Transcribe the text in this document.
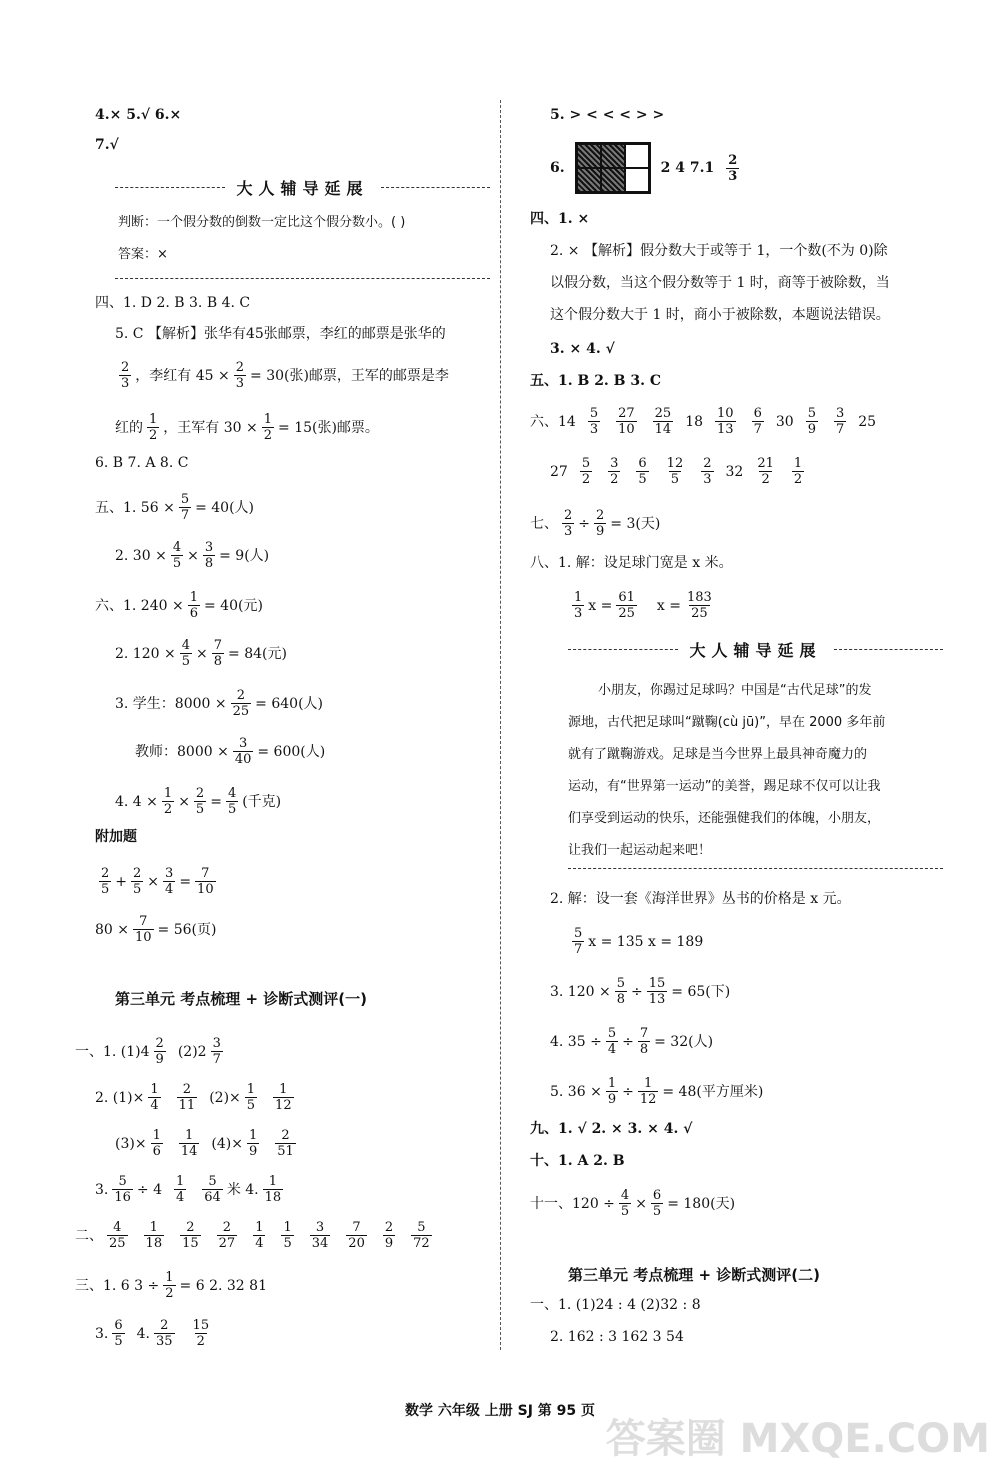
4.× 5.√ 6.×
7.√
大人辅导延展
判断：一个假分数的倒数一定比这个假分数小。( )
答案：×
四、1. D 2. B 3. B 4. C
5. C 【解析】张华有45张邮票，李红的邮票是张华的
$\frac{2}{3}$ ，李红有 $45 \times \frac{2}{3} = 30$(张)邮票，王军的邮票是李
红的 $\frac{1}{2}$ ，王军有 $30 \times \frac{1}{2} = 15$(张)邮票。
6. B 7. A 8. C
五、1. $56 \times \frac{5}{7} = 40$(人)
2. $30 \times \frac{4}{5} \times \frac{3}{8} = 9$(人)
六、1. $240 \times \frac{1}{6} = 40$(元)
2. $120 \times \frac{4}{5} \times \frac{7}{8} = 84$(元)
3. 学生：$8000 \times \frac{2}{25} = 640$(人)
教师：$8000 \times \frac{3}{40} = 600$(人)
4. $4 \times \frac{1}{2} \times \frac{2}{5} = \frac{4}{5}$ (千克)
附加题
$\frac{2}{5} + \frac{2}{5} \times \frac{3}{4} = \frac{7}{10}$
$80 \times \frac{7}{10} = 56$(页)
第三单元 考点梳理 + 诊断式测评(一)
一、1. $(1)4 \frac{2}{9} (2)2 \frac{3}{7}$
2. $(1)\times \frac{1}{4} \frac{2}{11} (2)\times \frac{1}{5} \frac{1}{12}$
$(3)\times \frac{1}{6} \frac{1}{14} (4)\times \frac{1}{9} \frac{2}{51}$
3. $\frac{5}{16} \div 4 \frac{1}{4} \frac{5}{64}$ 米 4. $\frac{1}{18}$
二、 $\frac{4}{25} \frac{1}{18} \frac{2}{15} \frac{2}{27} \frac{1}{4} \frac{1}{5} \frac{3}{34} \frac{7}{20} \frac{2}{9} \frac{5}{72}$
三、1. 6 $3 \div \frac{1}{2} = 6$ 2. 32 81
3. $\frac{6}{5} 4$. $\frac{2}{35} \frac{15}{2}$
5. > < < < > >
6.	2 4 $7.1 \frac{2}{3}$
四、1. ×
2. × 【解析】假分数大于或等于 1，一个数(不为 0)除
以假分数，当这个假分数等于 1 时，商等于被除数，当
这个假分数大于 1 时，商小于被除数，本题说法错误。
3. × 4. √
五、1. B 2. B 3. C
六、$14 \frac{5}{3} \frac{27}{10} \frac{25}{14} 18 \frac{10}{13} \frac{6}{7} 30 \frac{5}{9} \frac{3}{7} 25$
$27 \frac{5}{2} \frac{3}{2} \frac{6}{5} \frac{12}{5} \frac{2}{3} 32 \frac{21}{2} \frac{1}{2}$
七、 $\frac{2}{3} \div \frac{2}{9} = 3$(天)
八、1. 解：设足球门宽是 x 米。
$\frac{1}{3}$ $x = \frac{61}{25}$ $x = \frac{183}{25}$
大人辅导延展
小朋友，你踢过足球吗？中国是“古代足球”的发
源地，古代把足球叫“蹴鞠(cù jū)”，早在 2000 多年前
就有了蹴鞠游戏。足球是当今世界上最具神奇魔力的
运动，有“世界第一运动”的美誉，踢足球不仅可以让我
们享受到运动的快乐，还能强健我们的体魄，小朋友，
让我们一起运动起来吧！
2. 解：设一套《海洋世界》丛书的价格是 x 元。
$\frac{5}{7}$ x = 135 x = 189
3. $120 \times \frac{5}{8} \div \frac{15}{13} = 65$(下)
4. $35 \div \frac{5}{4} \div \frac{7}{8} = 32$(人)
5. $36 \times \frac{1}{9} \div \frac{1}{12} = 48$(平方厘米)
九、1. √ 2. × 3. × 4. √
十、1. A 2. B
十一、$120 \div \frac{4}{5} \times \frac{6}{5} = 180$(天)
第三单元 考点梳理 + 诊断式测评(二)
一、1. (1)24 : 4 (2)32 : 8
2. 162 : 3 162 3 54
数学 六年级 上册 SJ 第 95 页
答案圈 MXQE.COM
